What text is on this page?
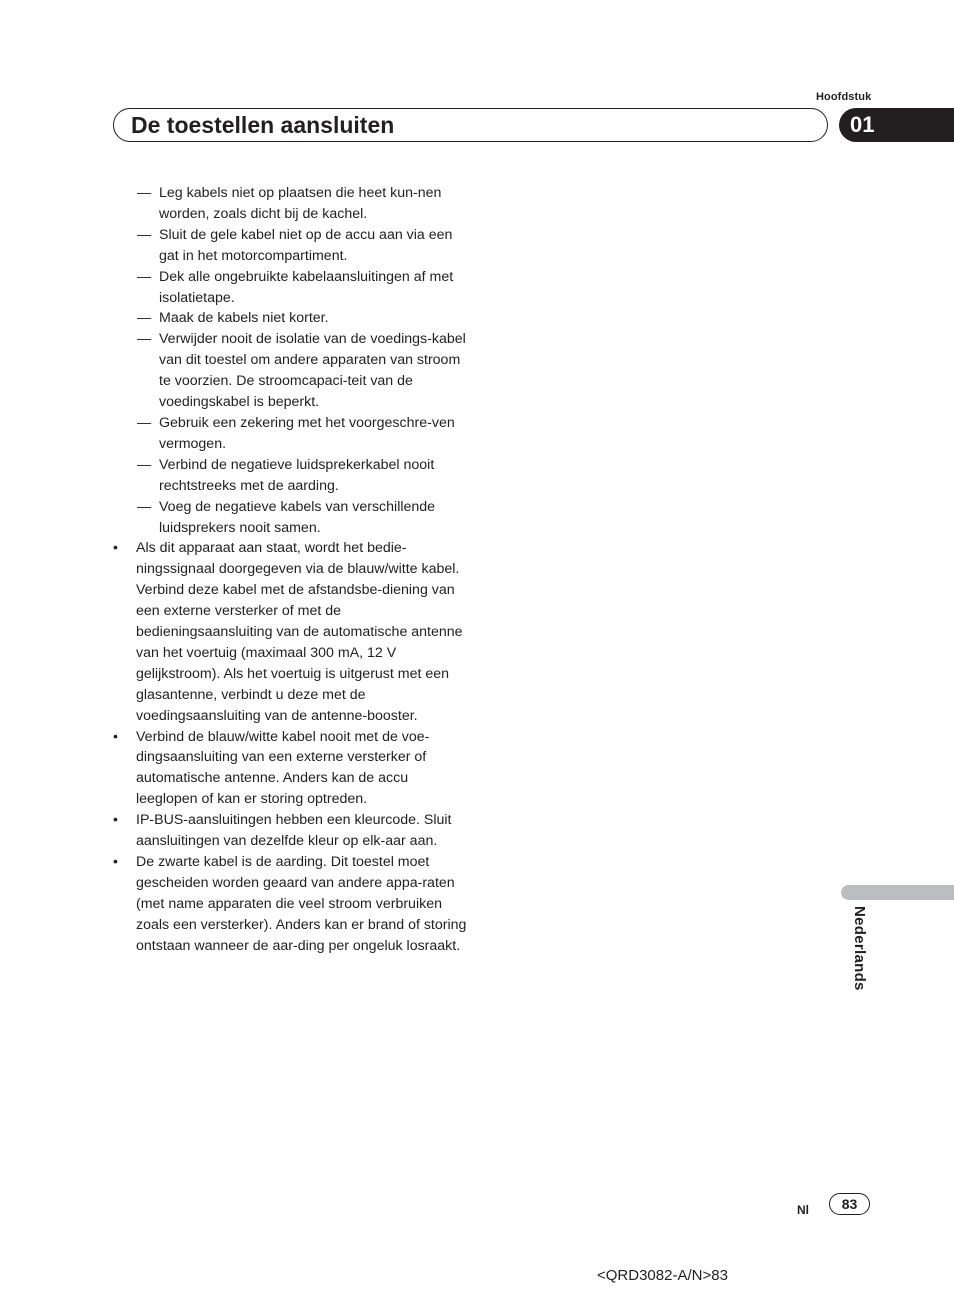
Hoofdstuk
De toestellen aansluiten	01
— Leg kabels niet op plaatsen die heet kun-nen worden, zoals dicht bij de kachel.
— Sluit de gele kabel niet op de accu aan via een gat in het motorcompartiment.
— Dek alle ongebruikte kabelaansluitingen af met isolatietape.
— Maak de kabels niet korter.
— Verwijder nooit de isolatie van de voedings-kabel van dit toestel om andere apparaten van stroom te voorzien. De stroomcapaci-teit van de voedingskabel is beperkt.
— Gebruik een zekering met het voorgeschre-ven vermogen.
— Verbind de negatieve luidsprekerkabel nooit rechtstreeks met de aarding.
— Voeg de negatieve kabels van verschillende luidsprekers nooit samen.
• Als dit apparaat aan staat, wordt het bedie-ningssignaal doorgegeven via de blauw/witte kabel. Verbind deze kabel met de afstandsbe-diening van een externe versterker of met de bedieningsaansluiting van de automatische antenne van het voertuig (maximaal 300 mA, 12 V gelijkstroom). Als het voertuig is uitgerust met een glasantenne, verbindt u deze met de voedingsaansluiting van de antenne-booster.
• Verbind de blauw/witte kabel nooit met de voe-dingsaansluiting van een externe versterker of automatische antenne. Anders kan de accu leeglopen of kan er storing optreden.
• IP-BUS-aansluitingen hebben een kleurcode. Sluit aansluitingen van dezelfde kleur op elk-aar aan.
• De zwarte kabel is de aarding. Dit toestel moet gescheiden worden geaard van andere appa-raten (met name apparaten die veel stroom verbruiken zoals een versterker). Anders kan er brand of storing ontstaan wanneer de aar-ding per ongeluk losraakt.	Nederlands
Nl	83
<QRD3082-A/N>83
